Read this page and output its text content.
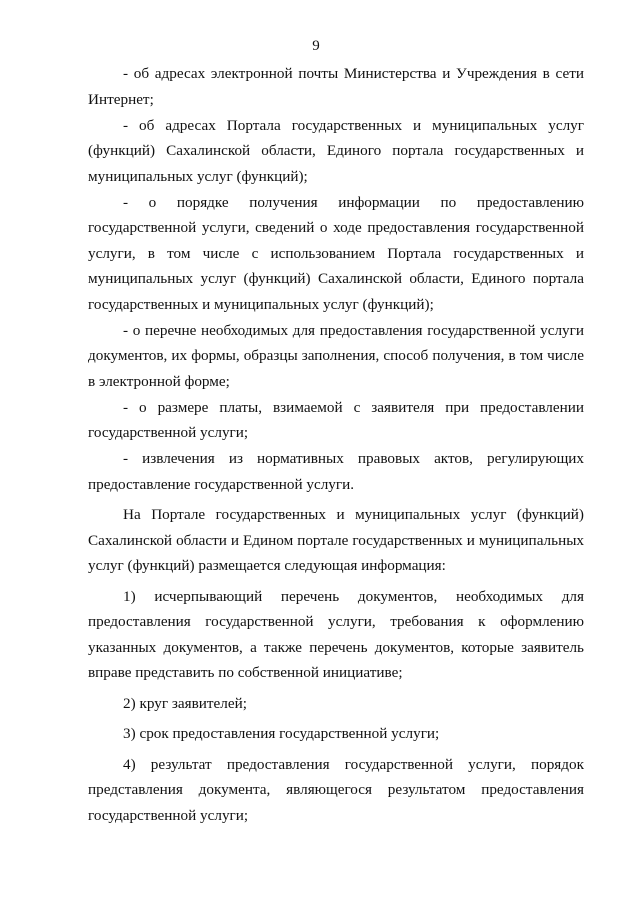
9

- об адресах электронной почты Министерства и Учреждения в сети Интернет;

- об адресах Портала государственных и муниципальных услуг (функций) Сахалинской области, Единого портала государственных и муниципальных услуг (функций);

- о порядке получения информации по предоставлению государственной услуги, сведений о ходе предоставления государственной услуги, в том числе с использованием Портала государственных и муниципальных услуг (функций) Сахалинской области, Единого портала государственных и муниципальных услуг (функций);

- о перечне необходимых для предоставления государственной услуги документов, их формы, образцы заполнения, способ получения, в том числе в электронной форме;

- о размере платы, взимаемой с заявителя при предоставлении государственной услуги;

- извлечения из нормативных правовых актов, регулирующих предоставление государственной услуги.

На Портале государственных и муниципальных услуг (функций) Сахалинской области и Едином портале государственных и муниципальных услуг (функций) размещается следующая информация:

1) исчерпывающий перечень документов, необходимых для предоставления государственной услуги, требования к оформлению указанных документов, а также перечень документов, которые заявитель вправе представить по собственной инициативе;

2) круг заявителей;

3) срок предоставления государственной услуги;

4) результат предоставления государственной услуги, порядок представления документа, являющегося результатом предоставления государственной услуги;
